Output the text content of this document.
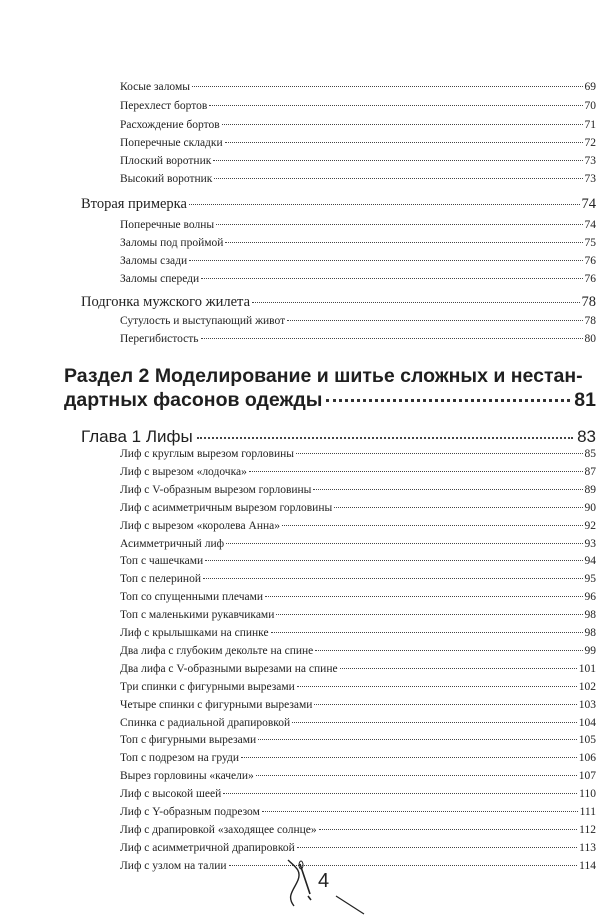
Косые заломы	69
Перехлест бортов	70
Расхождение бортов	71
Поперечные складки	72
Плоский воротник	73
Высокий воротник	73
Вторая примерка	74
Поперечные волны	74
Заломы под проймой	75
Заломы сзади	76
Заломы спереди	76
Подгонка мужского жилета	78
Сутулость и выступающий живот	78
Перегибистость	80
Раздел 2 Моделирование и шитье сложных и нестан-
дартных фасонов одежды	81
Глава 1 Лифы	83
Лиф с круглым вырезом горловины	85
Лиф с вырезом «лодочка»	87
Лиф с V-образным вырезом горловины	89
Лиф с асимметричным вырезом горловины	90
Лиф с вырезом «королева Анна»	92
Асимметричный лиф	93
Топ с чашечками	94
Топ с пелериной	95
Топ со спущенными плечами	96
Топ с маленькими рукавчиками	98
Лиф с крылышками на спинке	98
Два лифа с глубоким декольте на спине	99
Два лифа с V-образными вырезами на спине	101
Три спинки с фигурными вырезами	102
Четыре спинки с фигурными вырезами	103
Спинка с радиальной драпировкой	104
Топ с фигурными вырезами	105
Топ с подрезом на груди	106
Вырез горловины «качели»	107
Лиф с высокой шеей	110
Лиф с Y-образным подрезом	111
Лиф с драпировкой «заходящее солнце»	112
Лиф с асимметричной драпировкой	113
Лиф с узлом на талии	114
4
